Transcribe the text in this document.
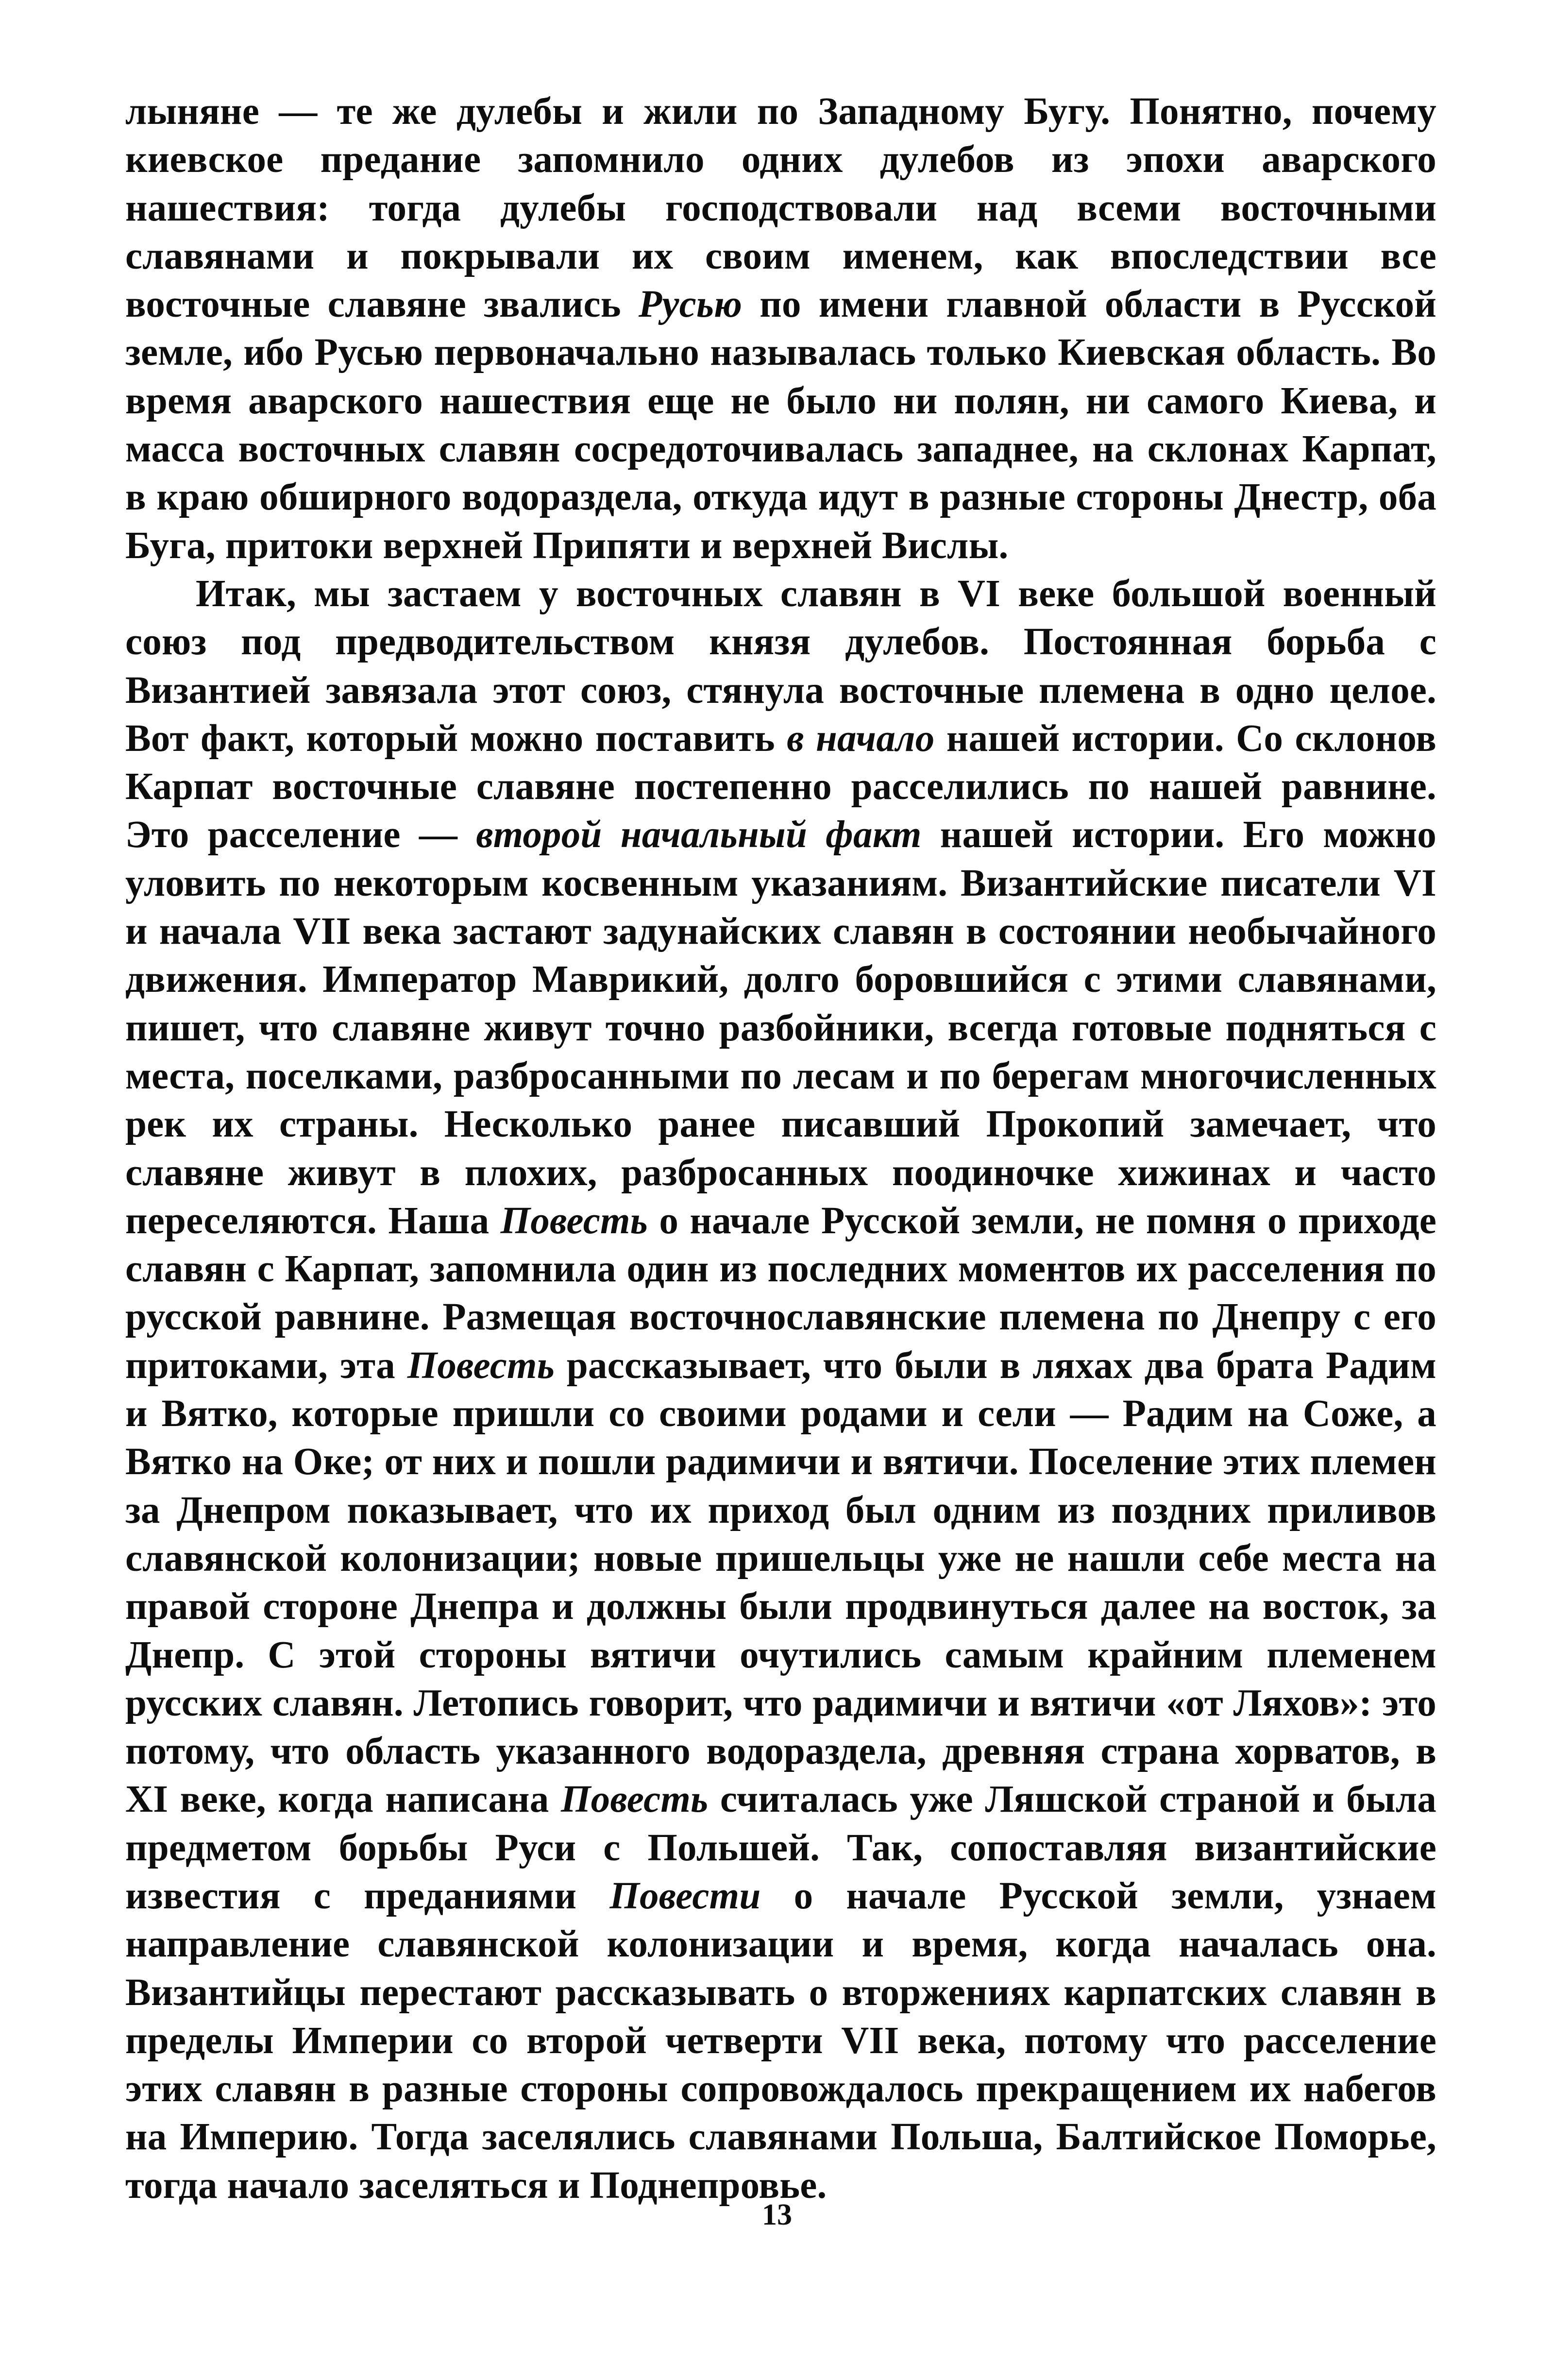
лыняне — те же дулебы и жили по Западному Бугу. Понятно, почему киевское предание запомнило одних дулебов из эпохи аварского нашествия: тогда дулебы господствовали над всеми восточными славянами и покрывали их своим именем, как впоследствии все восточные славяне звались Русью по имени главной области в Русской земле, ибо Русью первоначально называлась только Киевская область. Во время аварского нашествия еще не было ни полян, ни самого Киева, и масса восточных славян сосредоточивалась западнее, на склонах Карпат, в краю обширного водораздела, откуда идут в разные стороны Днестр, оба Буга, притоки верхней Припяти и верхней Вислы.

Итак, мы застаем у восточных славян в VI веке большой военный союз под предводительством князя дулебов. Постоянная борьба с Византией завязала этот союз, стянула восточные племена в одно целое. Вот факт, который можно поставить в начало нашей истории. Со склонов Карпат восточные славяне постепенно расселились по нашей равнине. Это расселение — второй начальный факт нашей истории. Его можно уловить по некоторым косвенным указаниям. Византийские писатели VI и начала VII века застают задунайских славян в состоянии необычайного движения. Император Маврикий, долго боровшийся с этими славянами, пишет, что славяне живут точно разбойники, всегда готовые подняться с места, поселками, разбросанными по лесам и по берегам многочисленных рек их страны. Несколько ранее писавший Прокопий замечает, что славяне живут в плохих, разбросанных поодиночке хижинах и часто переселяются. Наша Повесть о начале Русской земли, не помня о приходе славян с Карпат, запомнила один из последних моментов их расселения по русской равнине. Размещая восточнославянские племена по Днепру с его притоками, эта Повесть рассказывает, что были в ляхах два брата Радим и Вятко, которые пришли со своими родами и сели — Радим на Соже, а Вятко на Оке; от них и пошли радимичи и вятичи. Поселение этих племен за Днепром показывает, что их приход был одним из поздних приливов славянской колонизации; новые пришельцы уже не нашли себе места на правой стороне Днепра и должны были продвинуться далее на восток, за Днепр. С этой стороны вятичи очутились самым крайним племенем русских славян. Летопись говорит, что радимичи и вятичи «от Ляхов»: это потому, что область указанного водораздела, древняя страна хорватов, в XI веке, когда написана Повесть считалась уже Ляшской страной и была предметом борьбы Руси с Польшей. Так, сопоставляя византийские известия с преданиями Повести о начале Русской земли, узнаем направление славянской колонизации и время, когда началась она. Византийцы перестают рассказывать о вторжениях карпатских славян в пределы Империи со второй четверти VII века, потому что расселение этих славян в разные стороны сопровождалось прекращением их набегов на Империю. Тогда заселялись славянами Польша, Балтийское Поморье, тогда начало заселяться и Поднепровье.

13
